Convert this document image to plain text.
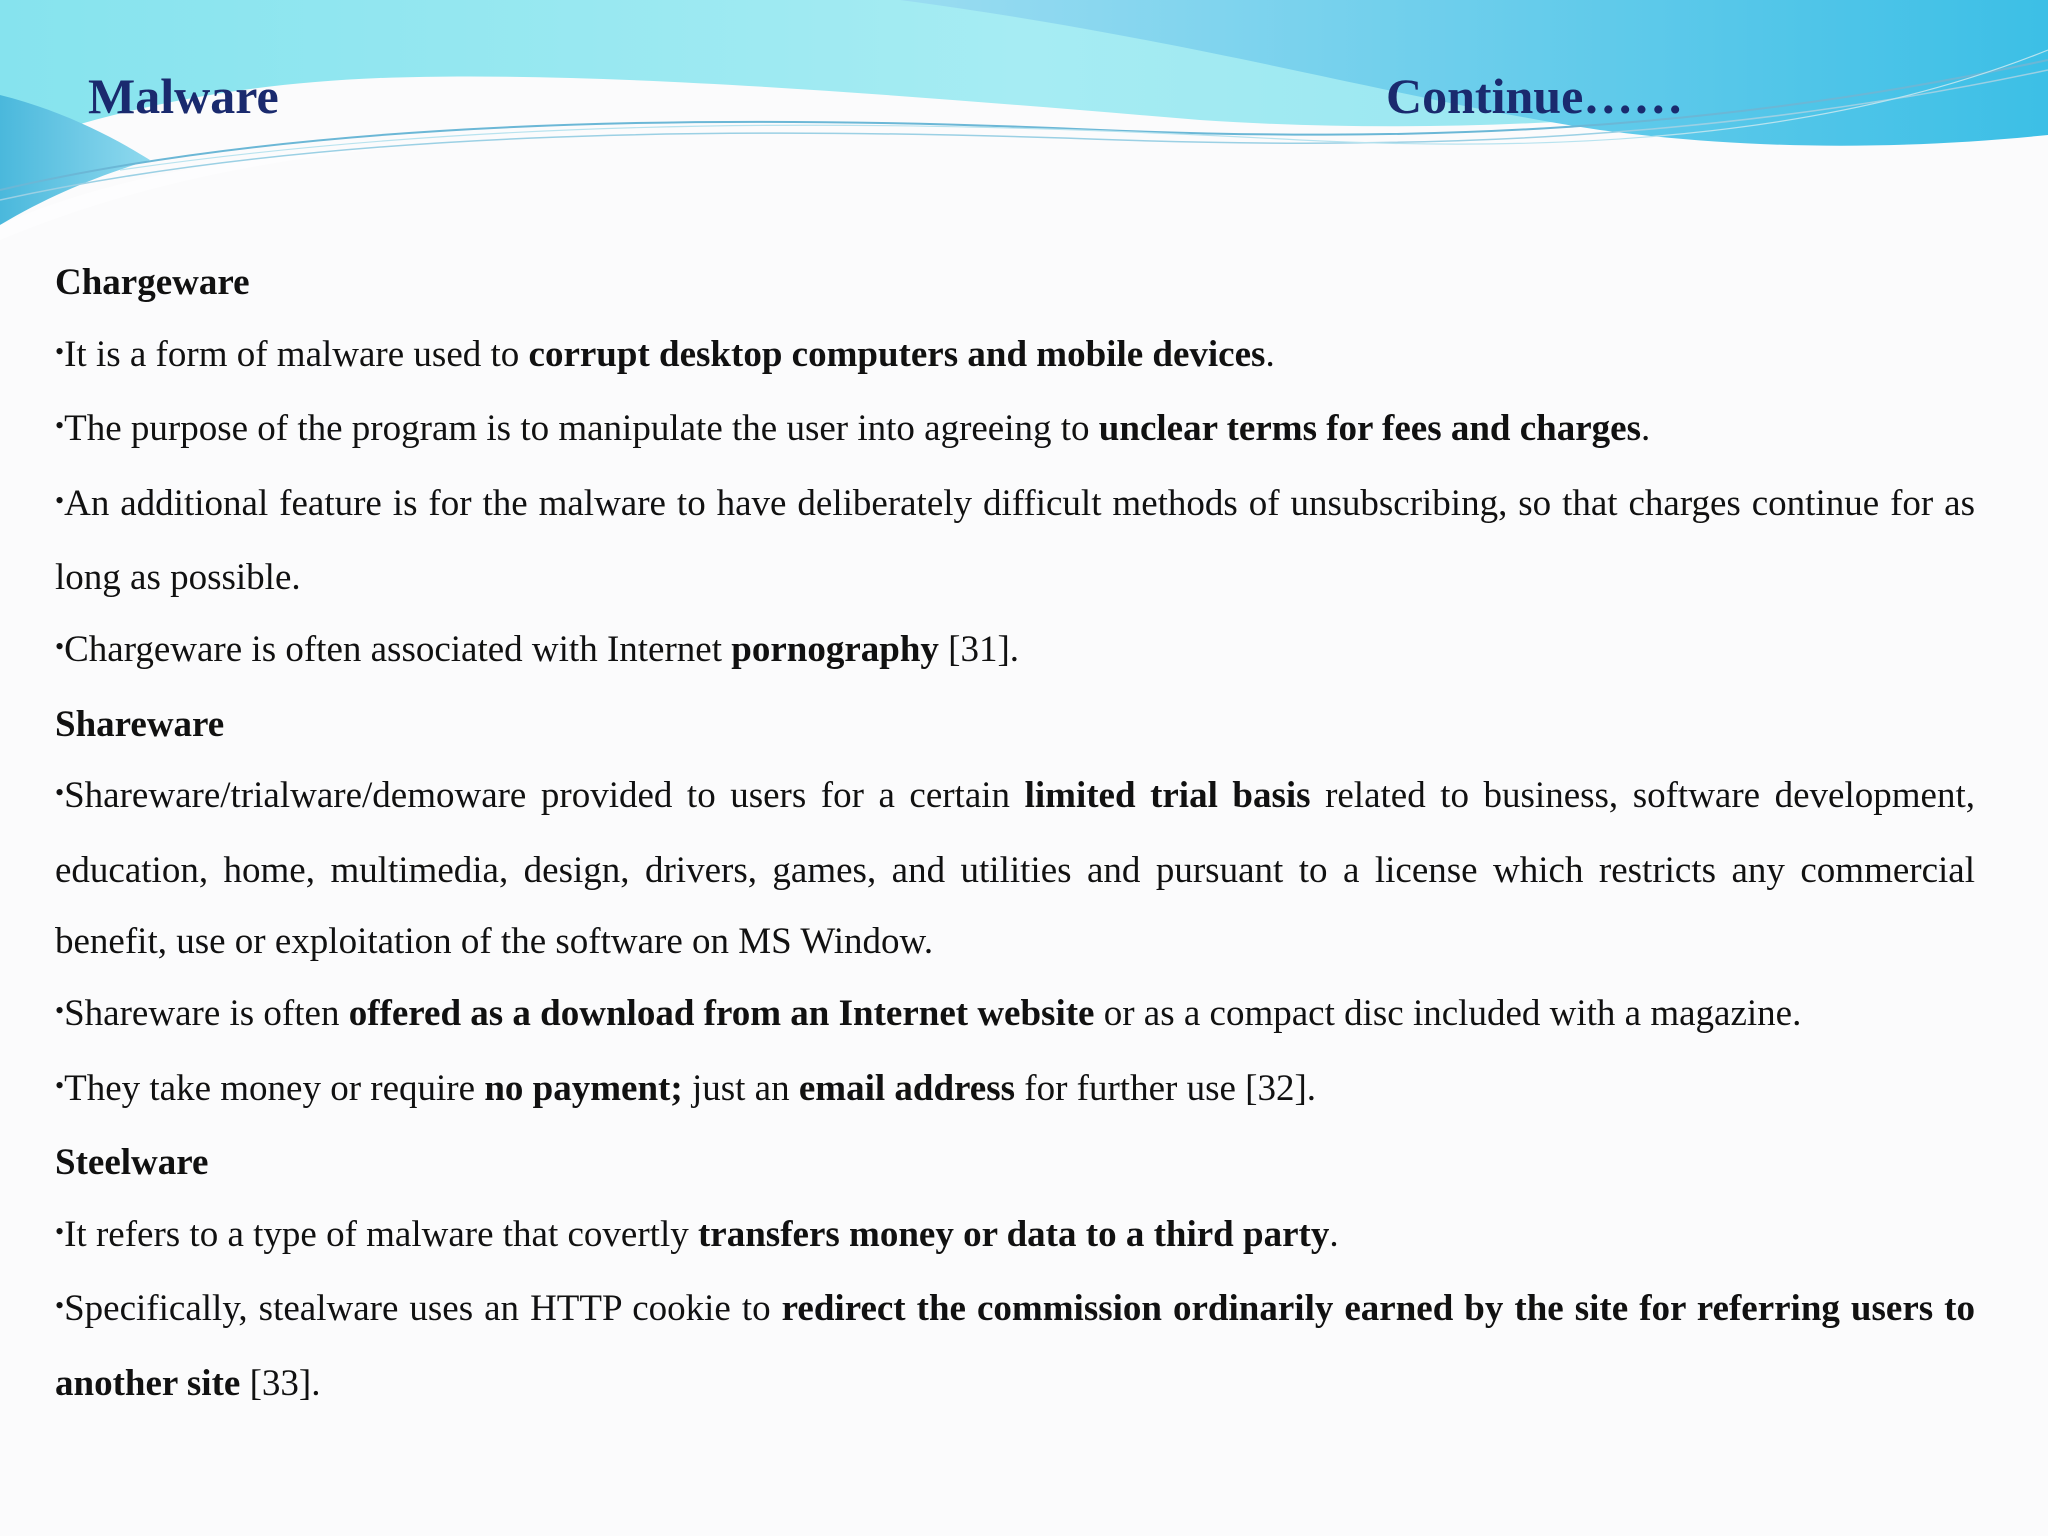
Malware	Continue……
Chargeware

•It is a form of malware used to corrupt desktop computers and mobile devices.

•The purpose of the program is to manipulate the user into agreeing to unclear terms for fees and charges.

•An additional feature is for the malware to have deliberately difficult methods of unsubscribing, so that charges continue for as long as possible.

•Chargeware is often associated with Internet pornography [31].

Shareware

•Shareware/trialware/demoware provided to users for a certain limited trial basis related to business, software development, education, home, multimedia, design, drivers, games, and utilities and pursuant to a license which restricts any commercial benefit, use or exploitation of the software on MS Window.

•Shareware is often offered as a download from an Internet website or as a compact disc included with a magazine.

•They take money or require no payment; just an email address for further use [32].

Steelware

•It refers to a type of malware that covertly transfers money or data to a third party.

•Specifically, stealware uses an HTTP cookie to redirect the commission ordinarily earned by the site for referring users to another site [33].
